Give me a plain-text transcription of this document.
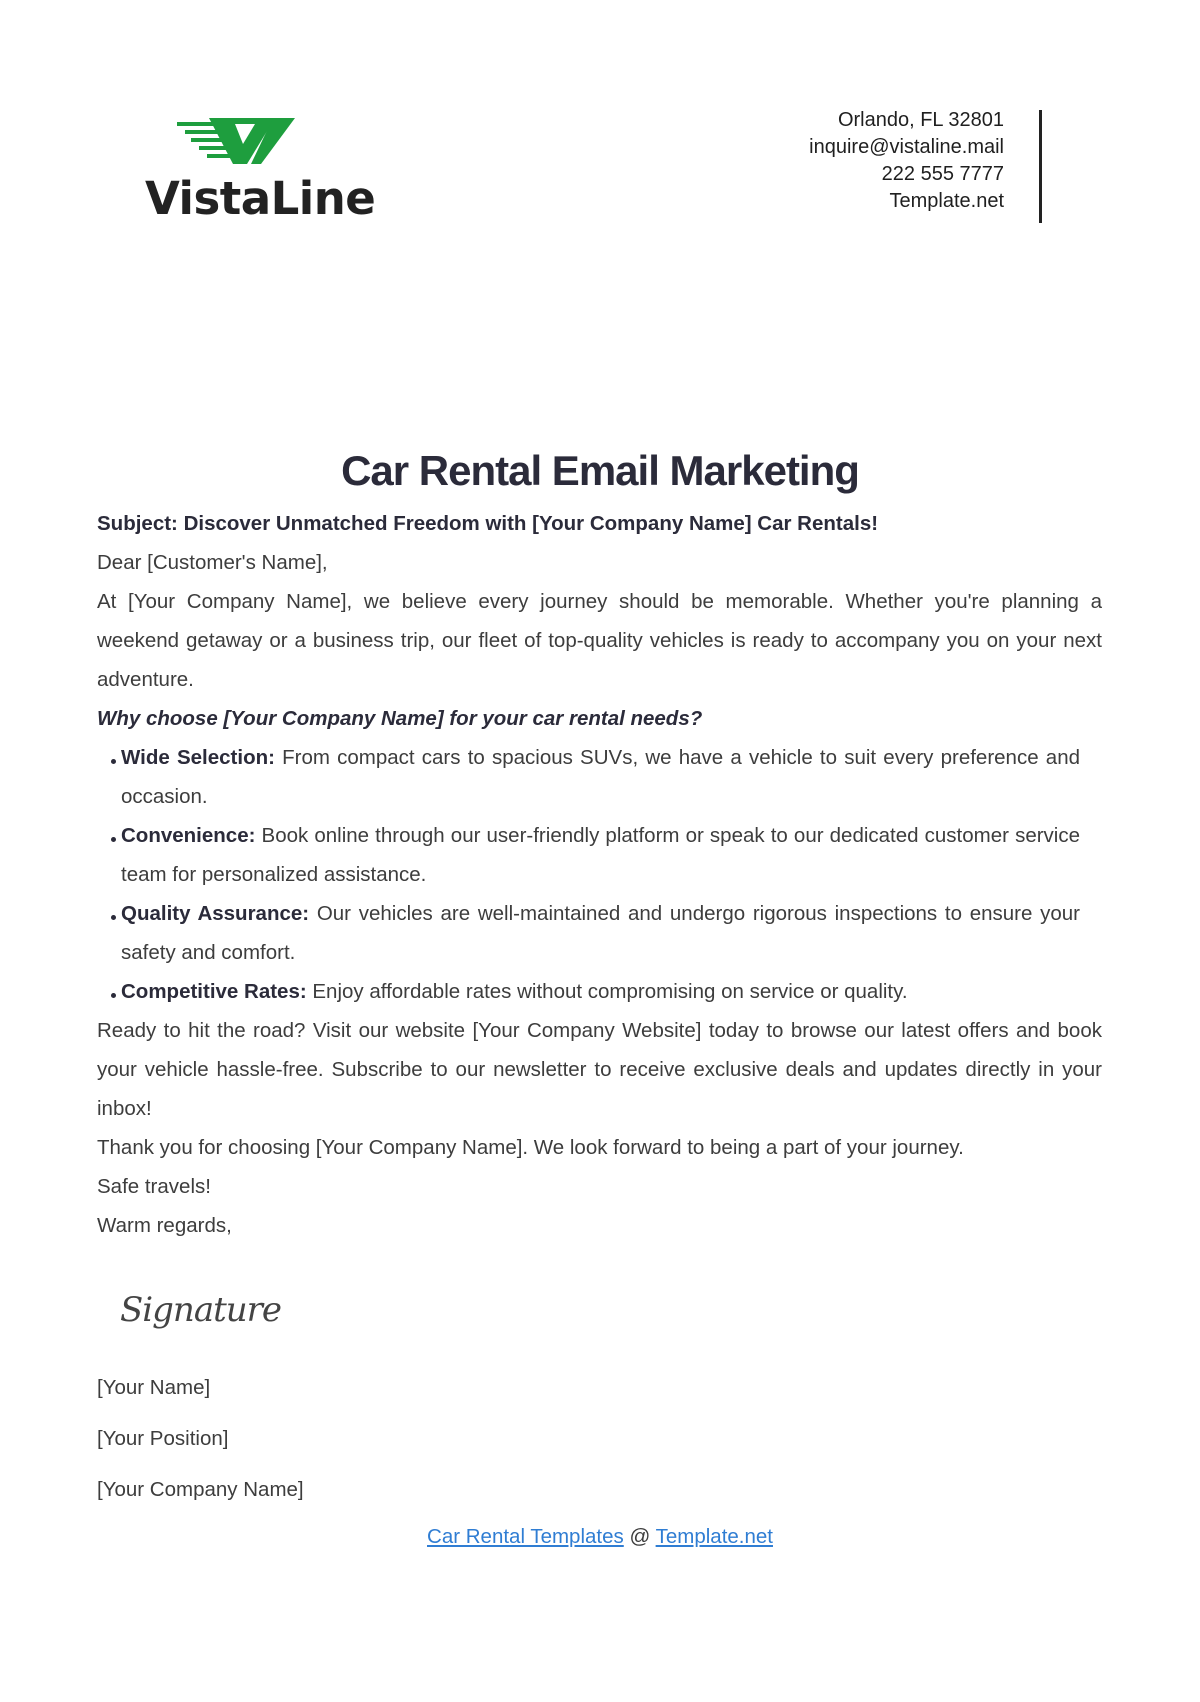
VistaLine
Orlando, FL 32801
inquire@vistaline.mail
222 555 7777
Template.net
Car Rental Email Marketing

Subject: Discover Unmatched Freedom with [Your Company Name] Car Rentals!

Dear [Customer's Name],

At [Your Company Name], we believe every journey should be memorable. Whether you're planning a weekend getaway or a business trip, our fleet of top-quality vehicles is ready to accompany you on your next adventure.

Why choose [Your Company Name] for your car rental needs?

Wide Selection: From compact cars to spacious SUVs, we have a vehicle to suit every preference and occasion.
Convenience: Book online through our user-friendly platform or speak to our dedicated customer service team for personalized assistance.
Quality Assurance: Our vehicles are well-maintained and undergo rigorous inspections to ensure your safety and comfort.
Competitive Rates: Enjoy affordable rates without compromising on service or quality.

Ready to hit the road? Visit our website [Your Company Website] today to browse our latest offers and book your vehicle hassle-free. Subscribe to our newsletter to receive exclusive deals and updates directly in your inbox!

Thank you for choosing [Your Company Name]. We look forward to being a part of your journey.

Safe travels!

Warm regards,

Signature
[Your Name]
[Your Position]
[Your Company Name]
Car Rental Templates @ Template.net
